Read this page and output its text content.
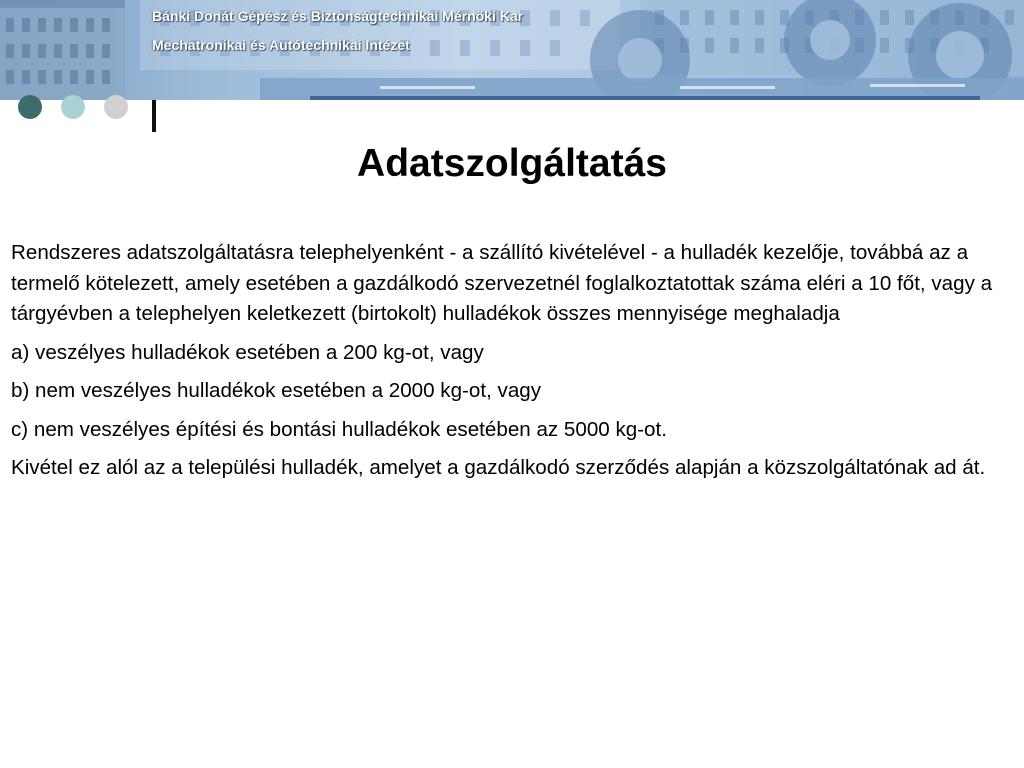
Bánki Donát Gépész és Biztonságtechnikai Mérnöki Kar
Mechatronikai és Autótechnikai Intézet
Adatszolgáltatás

Rendszeres adatszolgáltatásra telephelyenként - a szállító kivételével - a hulladék kezelője, továbbá az a termelő kötelezett, amely esetében a gazdálkodó szervezetnél foglalkoztatottak száma eléri a 10 főt, vagy a tárgyévben a telephelyen keletkezett (birtokolt) hulladékok összes mennyisége meghaladja

a) veszélyes hulladékok esetében a 200 kg-ot, vagy

b) nem veszélyes hulladékok esetében a 2000 kg-ot, vagy

c) nem veszélyes építési és bontási hulladékok esetében az 5000 kg-ot.

Kivétel ez alól az a települési hulladék, amelyet a gazdálkodó szerződés alapján a közszolgáltatónak ad át.
